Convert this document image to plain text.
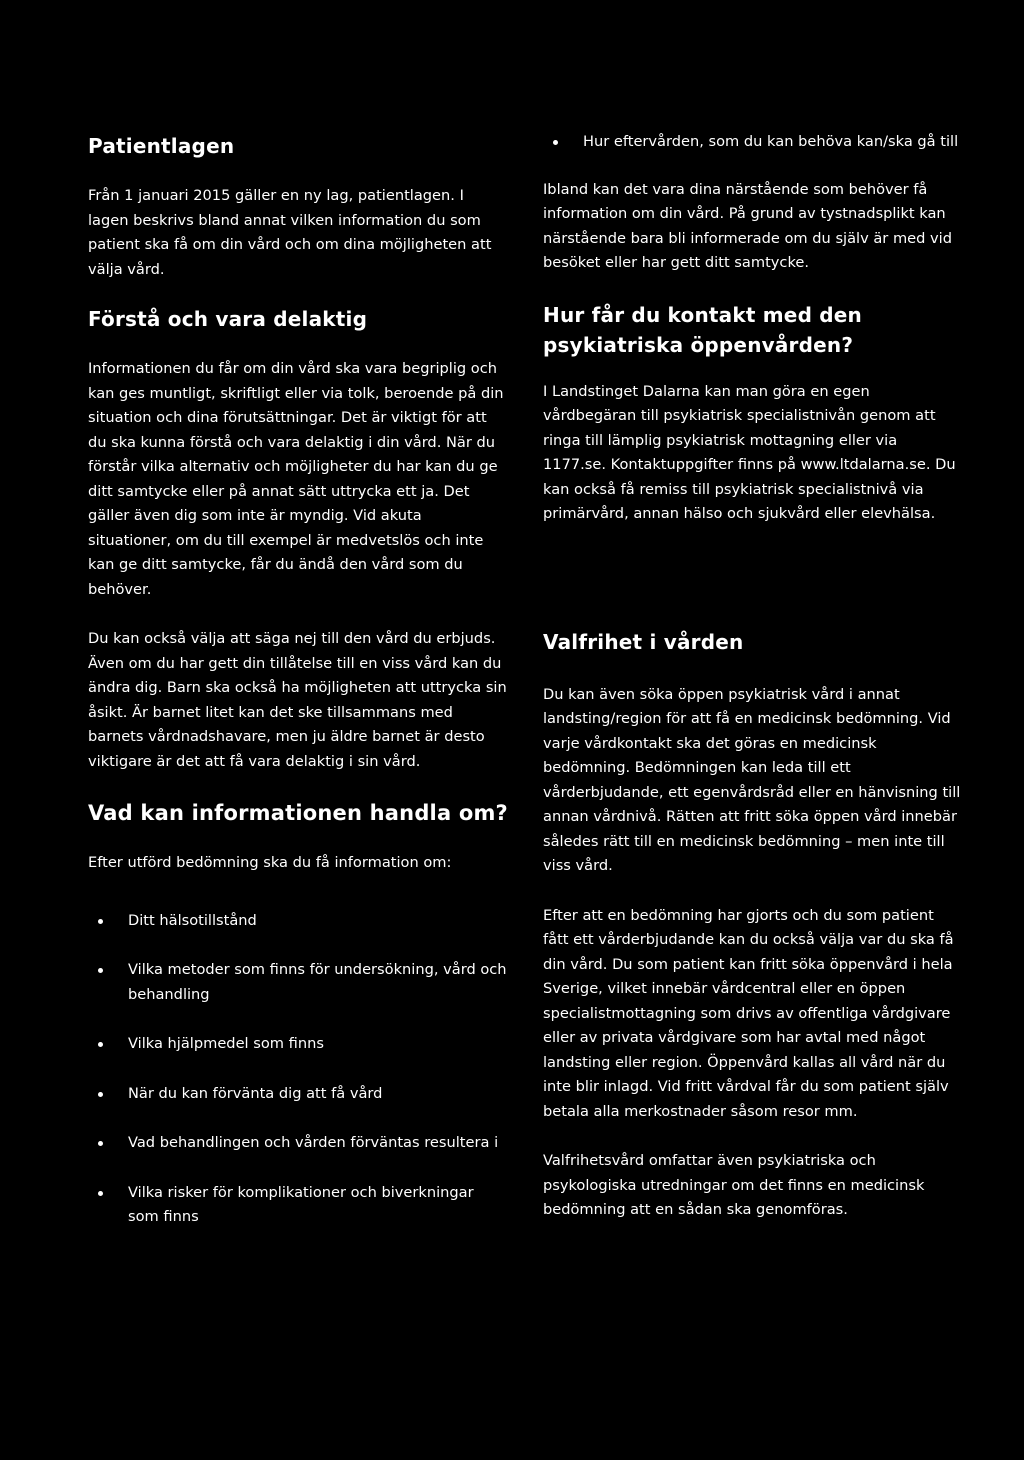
Patientlagen

Från 1 januari 2015 gäller en ny lag, patientlagen. I lagen beskrivs bland annat vilken information du som patient ska få om din vård och om dina möjligheten att välja vård.

Förstå och vara delaktig

Informationen du får om din vård ska vara begriplig och kan ges muntligt, skriftligt eller via tolk, beroende på din situation och dina förutsättningar. Det är viktigt för att du ska kunna förstå och vara delaktig i din vård. När du förstår vilka alternativ och möjligheter du har kan du ge ditt samtycke eller på annat sätt uttrycka ett ja. Det gäller även dig som inte är myndig. Vid akuta situationer, om du till exempel är medvetslös och inte kan ge ditt samtycke, får du ändå den vård som du behöver.

Du kan också välja att säga nej till den vård du erbjuds. Även om du har gett din tillåtelse till en viss vård kan du ändra dig. Barn ska också ha möjligheten att uttrycka sin åsikt. Är barnet litet kan det ske tillsammans med barnets vårdnadshavare, men ju äldre barnet är desto viktigare är det att få vara delaktig i sin vård.

Vad kan informationen handla om?

Efter utförd bedömning ska du få information om:

Ditt hälsotillstånd
Vilka metoder som finns för undersökning, vård och behandling
Vilka hjälpmedel som finns
När du kan förvänta dig att få vård
Vad behandlingen och vården förväntas resultera i
Vilka risker för komplikationer och biverkningar som finns
Hur eftervården, som du kan behöva kan/ska gå till

Ibland kan det vara dina närstående som behöver få information om din vård. På grund av tystnadsplikt kan närstående bara bli informerade om du själv är med vid besöket eller har gett ditt samtycke.

Hur får du kontakt med den psykiatriska öppenvården?

I Landstinget Dalarna kan man göra en egen vårdbegäran till psykiatrisk specialistnivån genom att ringa till lämplig psykiatrisk mottagning eller via 1177.se. Kontaktuppgifter finns på www.ltdalarna.se. Du kan också få remiss till psykiatrisk specialistnivå via primärvård, annan hälso och sjukvård eller elevhälsa.

Valfrihet i vården

Du kan även söka öppen psykiatrisk vård i annat landsting/region för att få en medicinsk bedömning. Vid varje vårdkontakt ska det göras en medicinsk bedömning. Bedömningen kan leda till ett vårderbjudande, ett egenvårdsråd eller en hänvisning till annan vårdnivå. Rätten att fritt söka öppen vård innebär således rätt till en medicinsk bedömning – men inte till viss vård.

Efter att en bedömning har gjorts och du som patient fått ett vårderbjudande kan du också välja var du ska få din vård. Du som patient kan fritt söka öppenvård i hela Sverige, vilket innebär vårdcentral eller en öppen specialistmottagning som drivs av offentliga vårdgivare eller av privata vårdgivare som har avtal med något landsting eller region. Öppenvård kallas all vård när du inte blir inlagd. Vid fritt vårdval får du som patient själv betala alla merkostnader såsom resor mm.

Valfrihetsvård omfattar även psykiatriska och psykologiska utredningar om det finns en medicinsk bedömning att en sådan ska genomföras.
